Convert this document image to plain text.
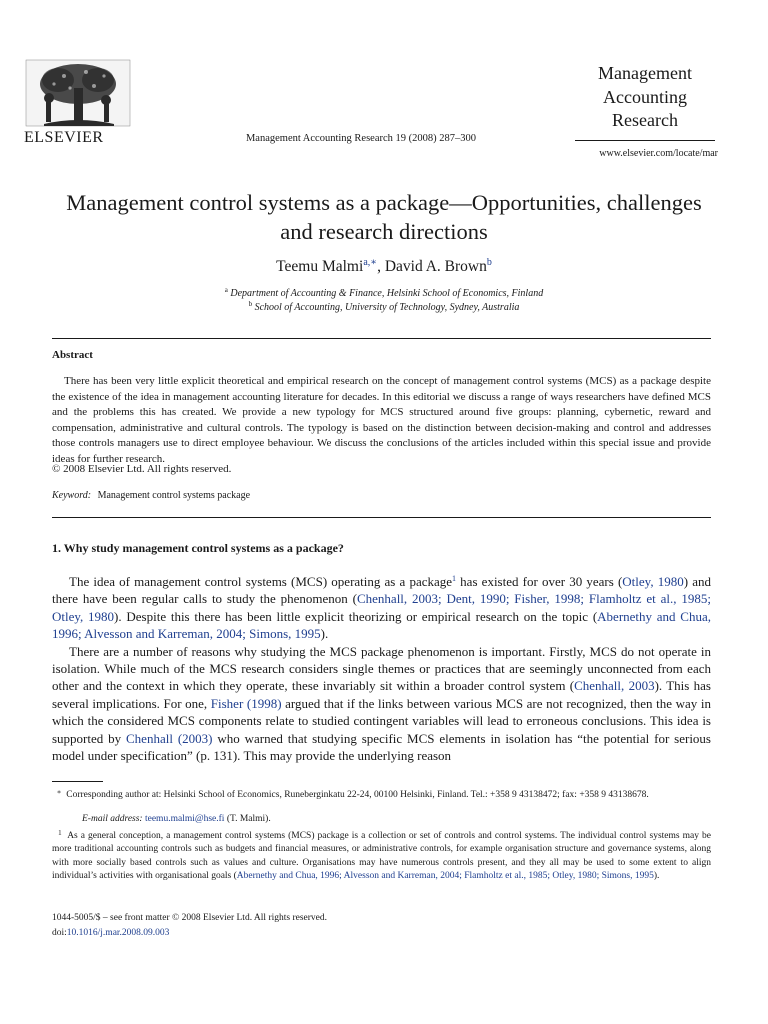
ELSEVIER	Management Accounting Research 19 (2008) 287–300
Management
Accounting
Research
www.elsevier.com/locate/mar
Management control systems as a package—Opportunities, challenges and research directions
Teemu Malmi$^{a,∗}$, David A. Brown$^b$
$^a$ Department of Accounting & Finance, Helsinki School of Economics, Finland
$^b$ School of Accounting, University of Technology, Sydney, Australia
Abstract

There has been very little explicit theoretical and empirical research on the concept of management control systems (MCS) as a package despite the existence of the idea in management accounting literature for decades. In this editorial we discuss a range of ways researchers have defined MCS and the problems this has created. We provide a new typology for MCS structured around five groups: planning, cybernetic, reward and compensation, administrative and cultural controls. The typology is based on the distinction between decision-making and control and addresses those controls managers use to direct employee behaviour. We discuss the conclusions of the articles included within this special issue and provide ideas for further research.

© 2008 Elsevier Ltd. All rights reserved.
Keyword: Management control systems package
1. Why study management control systems as a package?

The idea of management control systems (MCS) operating as a package$^1$ has existed for over 30 years (Otley, 1980) and there have been regular calls to study the phenomenon (Chenhall, 2003; Dent, 1990; Fisher, 1998; Flamholtz et al., 1985; Otley, 1980). Despite this there has been little explicit theorizing or empirical research on the topic (Abernethy and Chua, 1996; Alvesson and Karreman, 2004; Simons, 1995).

There are a number of reasons why studying the MCS package phenomenon is important. Firstly, MCS do not operate in isolation. While much of the MCS research considers single themes or practices that are seemingly unconnected from each other and the context in which they operate, these invariably sit within a broader control system (Chenhall, 2003). This has several implications. For one, Fisher (1998) argued that if the links between various MCS are not recognized, then the way in which the considered MCS components relate to studied contingent variables will lead to erroneous conclusions. This idea is supported by Chenhall (2003) who warned that studying specific MCS elements in isolation has “the potential for serious model under specification” (p. 131). This may provide the underlying reason

∗ Corresponding author at: Helsinki School of Economics, Runeberginkatu 22-24, 00100 Helsinki, Finland. Tel.: +358 9 43138472; fax: +358 9 43138678.
E-mail address: teemu.malmi@hse.fi (T. Malmi).
$^1$ As a general conception, a management control systems (MCS) package is a collection or set of controls and control systems. The individual control systems may be more traditional accounting controls such as budgets and financial measures, or administrative controls, for example organisation structure and governance systems, along with more socially based controls such as values and culture. Organisations may have numerous controls present, and they all may be used to some extent to align individual’s activities with organisational goals (Abernethy and Chua, 1996; Alvesson and Karreman, 2004; Flamholtz et al., 1985; Otley, 1980; Simons, 1995).
1044-5005/$ – see front matter © 2008 Elsevier Ltd. All rights reserved.
doi:10.1016/j.mar.2008.09.003
